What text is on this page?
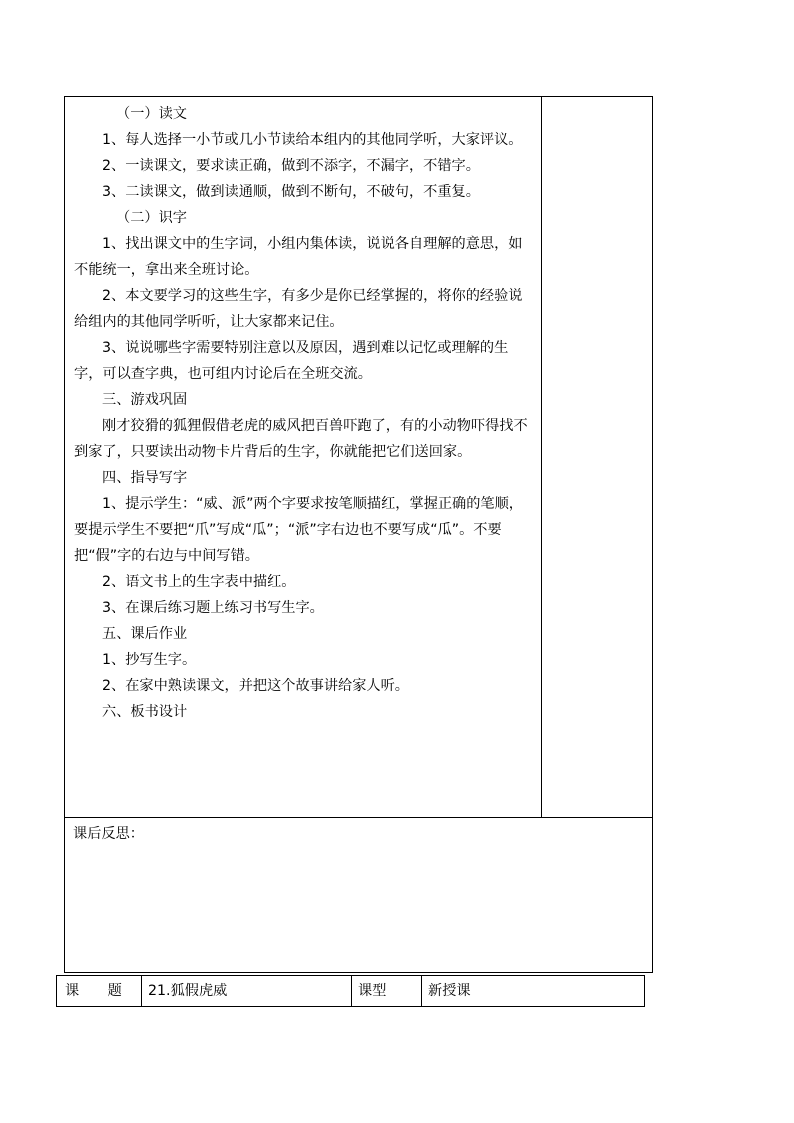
（一）读文

1、每人选择一小节或几小节读给本组内的其他同学听，大家评议。

2、一读课文，要求读正确，做到不添字，不漏字，不错字。

3、二读课文，做到读通顺，做到不断句，不破句，不重复。

（二）识字

1、找出课文中的生字词，小组内集体读，说说各自理解的意思，如不能统一，拿出来全班讨论。

2、本文要学习的这些生字，有多少是你已经掌握的，将你的经验说给组内的其他同学听听，让大家都来记住。

3、说说哪些字需要特别注意以及原因，遇到难以记忆或理解的生字，可以查字典，也可组内讨论后在全班交流。

三、游戏巩固

刚才狡猾的狐狸假借老虎的威风把百兽吓跑了，有的小动物吓得找不到家了，只要读出动物卡片背后的生字，你就能把它们送回家。

四、指导写字

1、提示学生：“威、派”两个字要求按笔顺描红，掌握正确的笔顺，要提示学生不要把“爪”写成“瓜”；“派”字右边也不要写成“瓜”。不要把“假”字的右边与中间写错。

2、语文书上的生字表中描红。

3、在课后练习题上练习书写生字。

五、课后作业

1、抄写生字。

2、在家中熟读课文，并把这个故事讲给家人听。

六、板书设计

课后反思：
课　　题	21.狐假虎威	课型	新授课
